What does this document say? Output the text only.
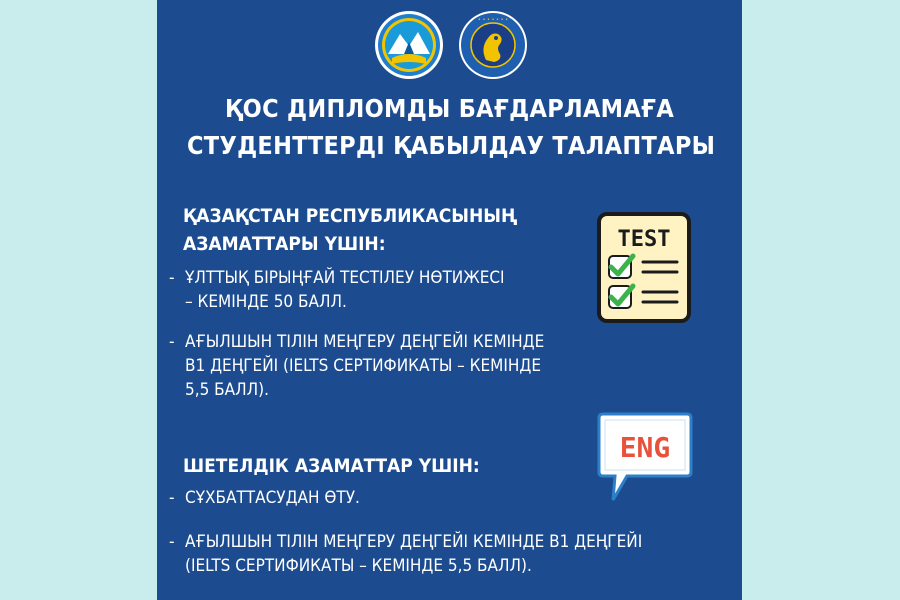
• • • • • • •
ҚОС ДИПЛОМДЫ БАҒДАРЛАМАҒА
СТУДЕНТТЕРДІ ҚАБЫЛДАУ ТАЛАПТАРЫ
ҚАЗАҚСТАН РЕСПУБЛИКАСЫНЫҢ
АЗАМАТТАРЫ ҮШІН:
- ҰЛТТЫҚ БІРЫҢҒАЙ ТЕСТІЛЕУ НӨТИЖЕСІ
– КЕМІНДЕ 50 БАЛЛ.
- АҒЫЛШЫН ТІЛІН МЕҢГЕРУ ДЕҢГЕЙІ КЕМІНДЕ
B1 ДЕҢГЕЙІ (IELTS СЕРТИФИКАТЫ – КЕМІНДЕ
5,5 БАЛЛ).
ШЕТЕЛДІК АЗАМАТТАР ҮШІН:
- СҰХБАТТАСУДАН ӨТУ.
- АҒЫЛШЫН ТІЛІН МЕҢГЕРУ ДЕҢГЕЙІ КЕМІНДЕ B1 ДЕҢГЕЙІ
(IELTS СЕРТИФИКАТЫ – КЕМІНДЕ 5,5 БАЛЛ).
TEST
ENG
